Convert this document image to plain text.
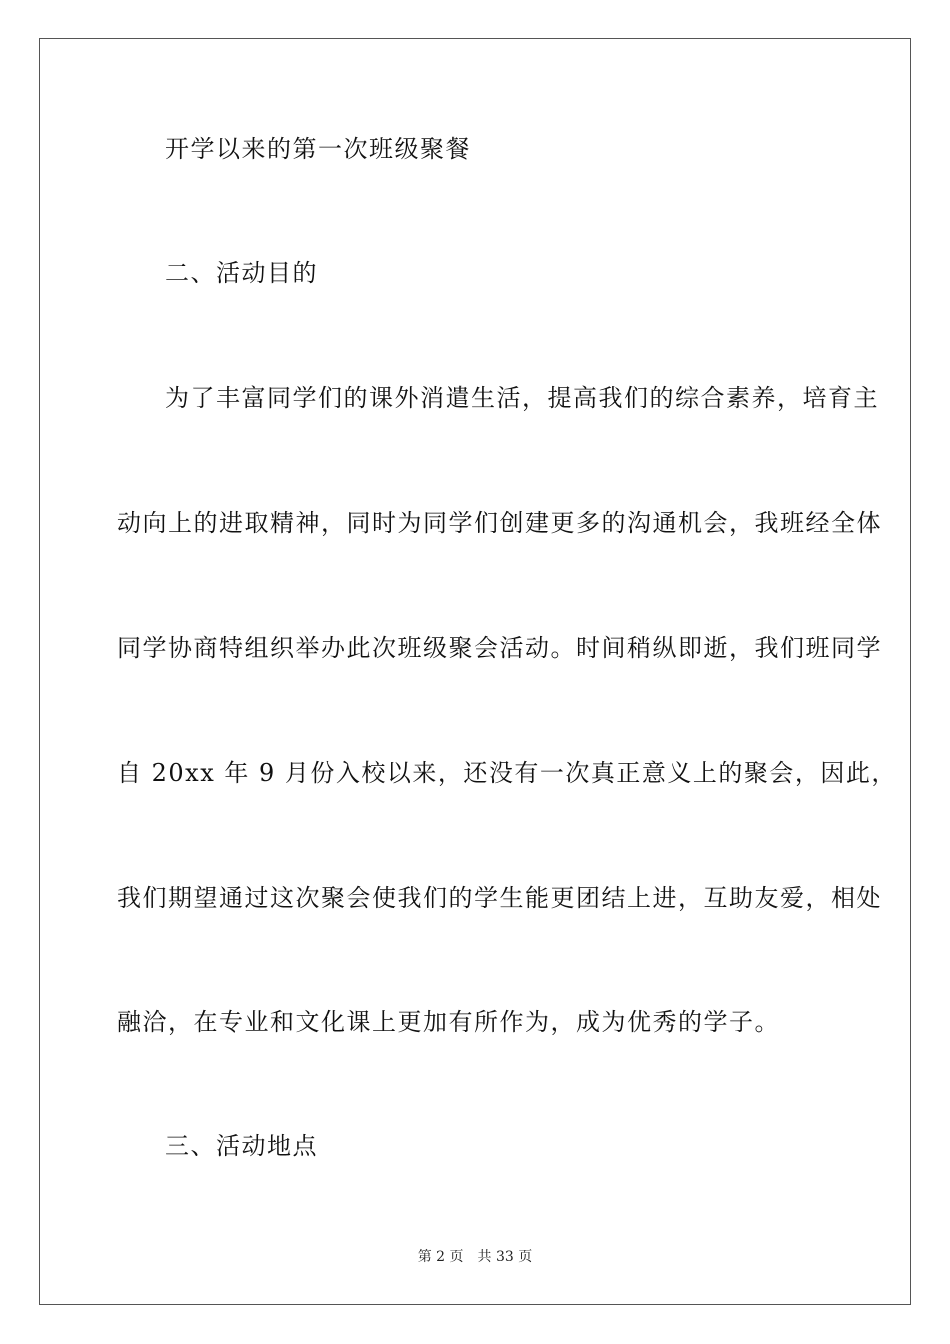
开学以来的第一次班级聚餐
二、活动目的
为了丰富同学们的课外消遣生活，提高我们的综合素养，培育主
动向上的进取精神，同时为同学们创建更多的沟通机会，我班经全体
同学协商特组织举办此次班级聚会活动。时间稍纵即逝，我们班同学
自 20xx 年 9 月份入校以来，还没有一次真正意义上的聚会，因此，
我们期望通过这次聚会使我们的学生能更团结上进，互助友爱，相处
融洽，在专业和文化课上更加有所作为，成为优秀的学子。
三、活动地点
第 2 页 共 33 页
